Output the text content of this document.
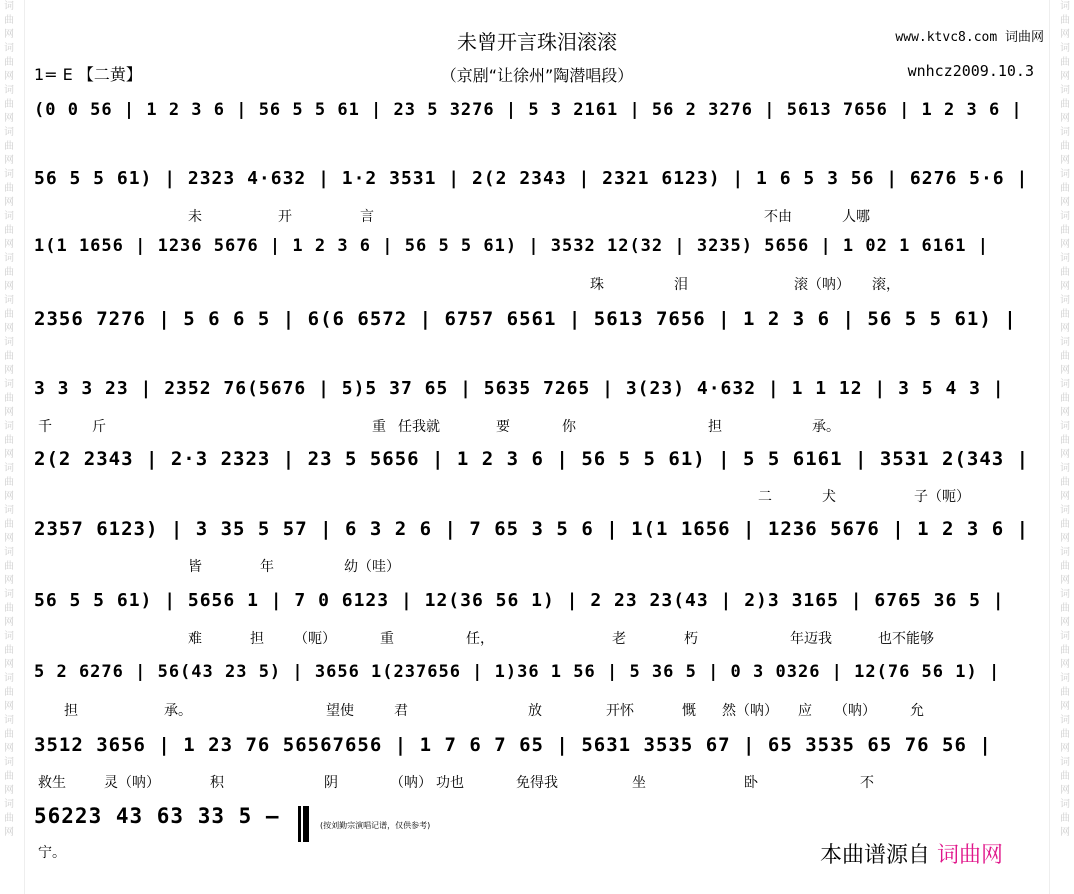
词曲网词曲网词曲网词曲网词曲网词曲网词曲网词曲网词曲网词曲网词曲网词曲网词曲网词曲网词曲网词曲网词曲网词曲网词曲网词曲网
词曲网词曲网词曲网词曲网词曲网词曲网词曲网词曲网词曲网词曲网词曲网词曲网词曲网词曲网词曲网词曲网词曲网词曲网词曲网词曲网
www.ktvc8.com 词曲网
未曾开言珠泪滚滚
1= E 【二黄】	（京剧“让徐州”陶潜唱段）	wnhcz2009.10.3
(0 0 56 | 1 2 3 6 | 56 5 5 61 | 23 5 3276 | 5 3 2161 | 56 2 3276 | 5613 7656 | 1 2 3 6 |
56 5 5 61) | 2323 4·632 | 1·2 3531 | 2(2 2343 | 2321 6123) | 1 6 5 3 56 | 6276 5·6 |
未	开	言	不由	人哪
1(1 1656 | 1236 5676 | 1 2 3 6 | 56 5 5 61) | 3532 12(32 | 3235) 5656 | 1 02 1 6161 |
珠	泪	滚（呐） 滚，
2356 7276 | 5 6 6 5 | 6(6 6572 | 6757 6561 | 5613 7656 | 1 2 3 6 | 56 5 5 61) |
3 3 3 23 | 2352 76(5676 | 5)5 37 65 | 5635 7265 | 3(23) 4·632 | 1 1 12 | 3 5 4 3 |
千	斤	重 任我就	要	你	担	承。
2(2 2343 | 2·3 2323 | 23 5 5656 | 1 2 3 6 | 56 5 5 61) | 5 5 6161 | 3531 2(343 |
二	犬	子（呃）
2357 6123) | 3 35 5 57 | 6 3 2 6 | 7 65 3 5 6 | 1(1 1656 | 1236 5676 | 1 2 3 6 |
皆	年	幼（哇）
56 5 5 61) | 5656 1 | 7 0 6123 | 12(36 56 1) | 2 23 23(43 | 2)3 3165 | 6765 36 5 |
难	担 （呃）	重	任，	老	朽	年迈我	也不能够
5 2 6276 | 56(43 23 5) | 3656 1(237656 | 1)36 1 56 | 5 36 5 | 0 3 0326 | 12(76 56 1) |
担	承。	望使	君	放	开怀	慨 然（呐） 应 （呐） 允
3512 3656 | 1 23 76 56567656 | 1 7 6 7 65 | 5631 3535 67 | 65 3535 65 76 56 |
救生	灵（呐）	积	阴	（呐） 功也	免得我	坐	卧	不
56223 43 63 33 5 –
宁。
(按刘勤宗演唱记谱，仅供参考)
本曲谱源自 词曲网
